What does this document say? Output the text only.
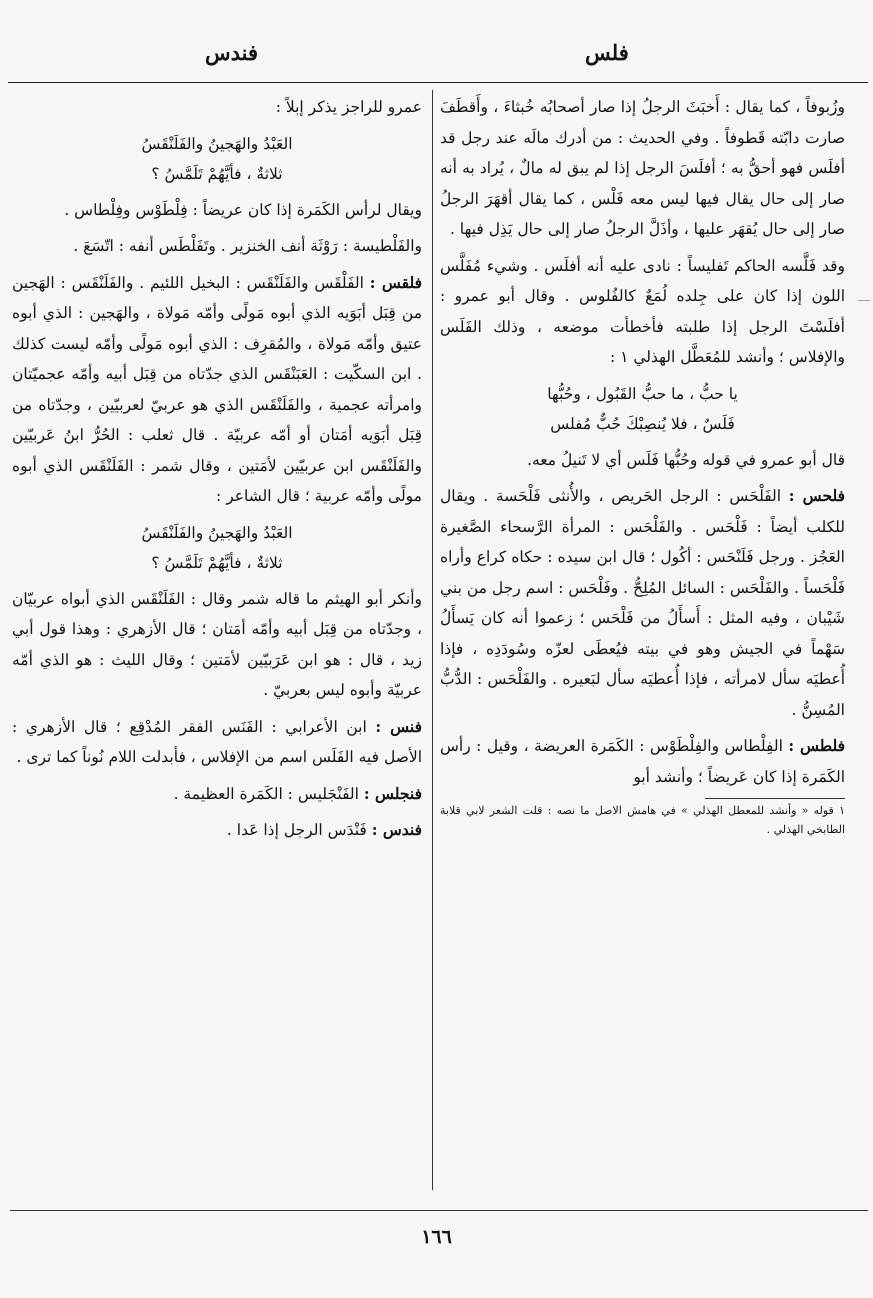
فلس
فندس

وزُبوفاً ، كما يقال : أَخبَثَ الرجلُ إذا صار أصحابُه خُبثاءَ ، وأَقطَفَ صارت دابّته قَطوفاً . وفي الحديث : من أدرك مالَه عند رجل قد أفلَس فهو أحقُّ به ؛ أفلَسَ الرجل إذا لم يبق له مالٌ ، يُراد به أنه صار إلى حال يقال فيها ليس معه فَلْس ، كما يقال أقهَرَ الرجلُ صار إلى حال يُقهَر عليها ، وأذَلَّ الرجلُ صار إلى حال يَذِل فيها .

وقد فَلَّسه الحاكم تَفليساً : نادى عليه أنه أفلَس . وشيء مُفَلَّس اللون إذا كان على جِلده لُمَعٌ كالفُلوس . وقال أبو عمرو : أفلَسْتَ الرجل إذا طلبته فأخطأت موضعه ، وذلك الفَلَس والإفلاس ؛ وأنشد للمُعَطَّل الهذلي ١ :

يا حبُّ ، ما حبُّ القَبُول ، وحُبُّها
فَلَسٌ ، فلا يُنصِبْكَ حُبٌّ مُفلس

قال أبو عمرو في قوله وحُبُّها فَلَس أي لا تَنيلُ معه.

فلحس : الفَلْحَس : الرجل الحَريص ، والأُنثى فَلْحَسة . ويقال للكلب أيضاً : فَلْحَس . والفَلْحَس : المرأة الرَّسحاء الصَّغيرة العَجُز . ورجل فَلَنْحَس : أكُول ؛ قال ابن سيده : حكاه كراع وأراه فَلْحَساً . والفَلْحَس : السائل المُلِحُّ . وفَلْحَس : اسم رجل من بني شَيْبان ، وفيه المثل : أَسأَلُ من فَلْحَس ؛ زعموا أنه كان يَسأَلُ سَهْماً في الجيش وهو في بيته فيُعطَى لعزّه وسُودَدِه ، فإذا أُعطيَه سأل لامرأته ، فإذا أُعطيَه سأل لبَعيره . والفَلْحَس : الدُّبُّ المُسِنُّ .

فلطس : الفِلْطاس والفِلْطَوْس : الكَمَرة العريضة ، وقيل : رأس الكَمَرة إذا كان عَريضاً ؛ وأنشد أبو

١ قوله « وأنشد للمعطل الهذلي » في هامش الاصل ما نصه : قلت الشعر لابي قلابة الطابخي الهذلي .

عمرو للراجز يذكر إبلاً :

العَبْدُ والهَجينُ والفَلَنْقَسُ
ثلاثةٌ ، فأيَّهُمْ تَلَمَّسُ ؟

ويقال لرأس الكَمَرة إذا كان عريضاً : فِلْطَوْس وفِلْطاس .

والفَلْطيسة : رَوْثَة أنف الخنزير . وتَفَلْطَس أنفه : اتّسَعَ .

فلقس : الفَلْقَس والفَلَنْقَس : البخيل اللئيم . والفَلَنْقَس : الهَجين من قِبَل أبَوَيه الذي أبوه مَولًى وأمّه مَولاة ، والهَجين : الذي أبوه عتيق وأمّه مَولاة ، والمُقرِف : الذي أبوه مَولًى وأمّه ليست كذلك . ابن السكّيت : العَبَنْقَس الذي جدّتاه من قِبَل أبيه وأمّه عجميّتان وامرأته عجمية ، والفَلَنْقَس الذي هو عربيّ لعربيّين ، وجدّتاه من قِبَل أبَوَيه أمَتان أو أمّه عربيّة . قال ثعلب : الحُرُّ ابنُ عَربيّين والفَلَنْقَس ابن عربيّين لأمَتين ، وقال شمر : الفَلَنْقَس الذي أبوه مولًى وأمّه عربية ؛ قال الشاعر :

العَبْدُ والهَجينُ والفَلَنْقَسُ
ثلاثةٌ ، فأيَّهُمْ تَلَمَّسُ ؟

وأنكر أبو الهيثم ما قاله شمر وقال : الفَلَنْقَس الذي أبواه عربيّان ، وجدّتاه من قِبَل أبيه وأمّه أمَتان ؛ قال الأزهري : وهذا قول أبي زيد ، قال : هو ابن عَرَبيّين لأمَتين ؛ وقال الليث : هو الذي أمّه عربيّة وأبوه ليس بعربيّ .

فنس : ابن الأعرابي : الفَنَس الفقر المُدْقِع ؛ قال الأزهري : الأصل فيه الفَلَس اسم من الإفلاس ، فأبدلت اللام نُوناً كما ترى .

فنجلس : الفَنْجَليس : الكَمَرة العظيمة .

فندس : فَنْدَس الرجل إذا عَدا .

١٦٦
